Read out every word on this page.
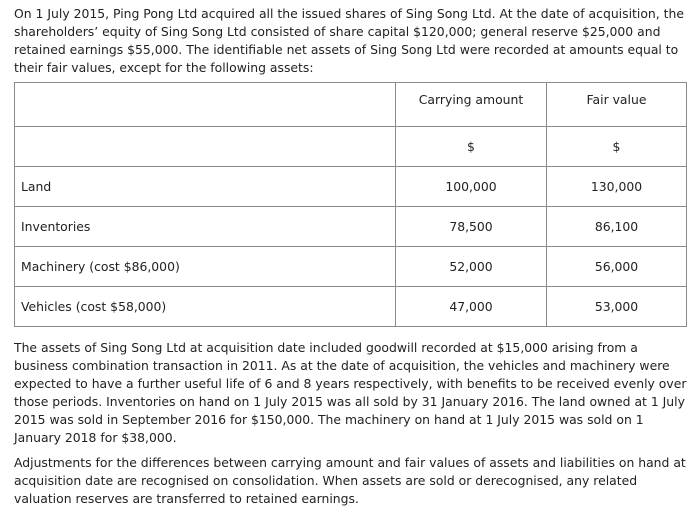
On 1 July 2015, Ping Pong Ltd acquired all the issued shares of Sing Song Ltd. At the date of acquisition, the shareholders’ equity of Sing Song Ltd consisted of share capital $120,000; general reserve $25,000 and retained earnings $55,000. The identifiable net assets of Sing Song Ltd were recorded at amounts equal to their fair values, except for the following assets:

	Carrying amount	Fair value
	$	$
Land	100,000	130,000
Inventories	78,500	86,100
Machinery (cost $86,000)	52,000	56,000
Vehicles (cost $58,000)	47,000	53,000

The assets of Sing Song Ltd at acquisition date included goodwill recorded at $15,000 arising from a business combination transaction in 2011. As at the date of acquisition, the vehicles and machinery were expected to have a further useful life of 6 and 8 years respectively, with benefits to be received evenly over those periods. Inventories on hand on 1 July 2015 was all sold by 31 January 2016. The land owned at 1 July 2015 was sold in September 2016 for $150,000. The machinery on hand at 1 July 2015 was sold on 1 January 2018 for $38,000.

Adjustments for the differences between carrying amount and fair values of assets and liabilities on hand at acquisition date are recognised on consolidation. When assets are sold or derecognised, any related valuation reserves are transferred to retained earnings.
